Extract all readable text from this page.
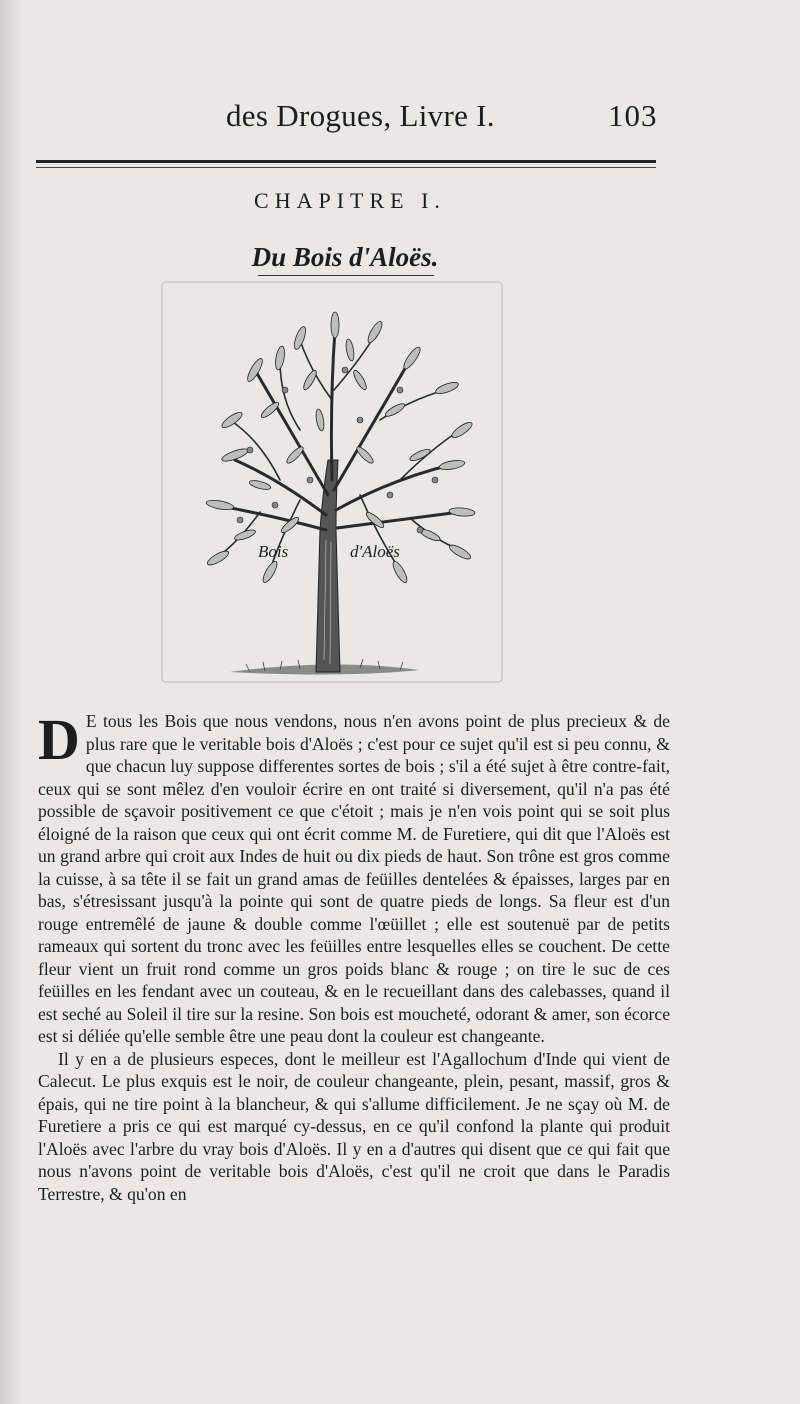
des Drogues, Livre I.	103
CHAPITRE I.
Du Bois d'Aloës.
Bois	d'Aloës

D E tous les Bois que nous vendons, nous n'en avons point de plus precieux & de plus rare que le veritable bois d'Aloës ; c'est pour ce sujet qu'il est si peu connu, & que chacun luy suppose differentes sortes de bois ; s'il a été sujet à être contre-fait, ceux qui se sont mêlez d'en vouloir écrire en ont traité si diversement, qu'il n'a pas été possible de sçavoir positivement ce que c'étoit ; mais je n'en vois point qui se soit plus éloigné de la raison que ceux qui ont écrit comme M. de Furetiere, qui dit que l'Aloës est un grand arbre qui croit aux Indes de huit ou dix pieds de haut. Son trône est gros comme la cuisse, à sa tête il se fait un grand amas de feüilles dentelées & épaisses, larges par en bas, s'étresissant jusqu'à la pointe qui sont de quatre pieds de longs. Sa fleur est d'un rouge entremêlé de jaune & double comme l'œüillet ; elle est soutenuë par de petits rameaux qui sortent du tronc avec les feüilles entre lesquelles elles se couchent. De cette fleur vient un fruit rond comme un gros poids blanc & rouge ; on tire le suc de ces feüilles en les fendant avec un couteau, & en le recueillant dans des calebasses, quand il est seché au Soleil il tire sur la resine. Son bois est moucheté, odorant & amer, son écorce est si déliée qu'elle semble être une peau dont la couleur est changeante.

Il y en a de plusieurs especes, dont le meilleur est l'Agallochum d'Inde qui vient de Calecut. Le plus exquis est le noir, de couleur changeante, plein, pesant, massif, gros & épais, qui ne tire point à la blancheur, & qui s'allume difficilement. Je ne sçay où M. de Furetiere a pris ce qui est marqué cy-dessus, en ce qu'il confond la plante qui produit l'Aloës avec l'arbre du vray bois d'Aloës. Il y en a d'autres qui disent que ce qui fait que nous n'avons point de veritable bois d'Aloës, c'est qu'il ne croit que dans le Paradis Terrestre, & qu'on en
